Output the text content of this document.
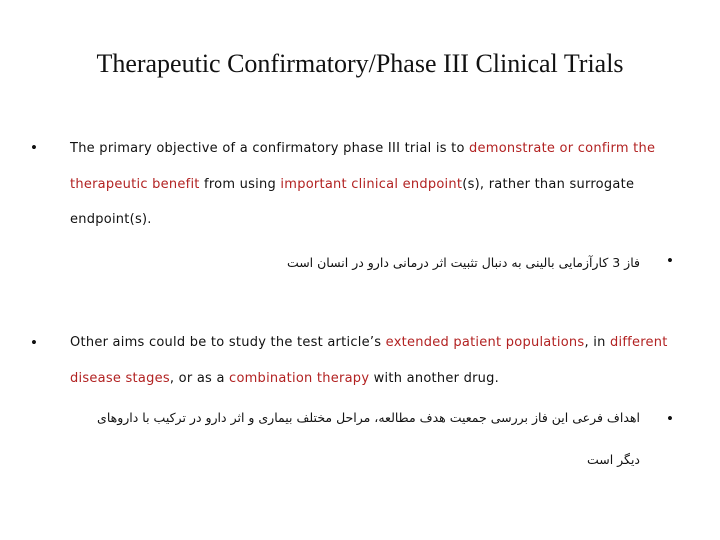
Therapeutic Confirmatory/Phase III Clinical Trials
•	The primary objective of a confirmatory phase III trial is to demonstrate or confirm the
therapeutic benefit from using important clinical endpoint(s), rather than surrogate
endpoint(s).
•
فاز 3 کارآزمایی بالینی به دنبال تثبیت اثر درمانی دارو در انسان است
•	Other aims could be to study the test article’s extended patient populations, in different
disease stages, or as a combination therapy with another drug.
•
اهداف فرعی این فاز بررسی جمعیت هدف مطالعه، مراحل مختلف بیماری و اثر دارو در ترکیب با داروهای
دیگر است
